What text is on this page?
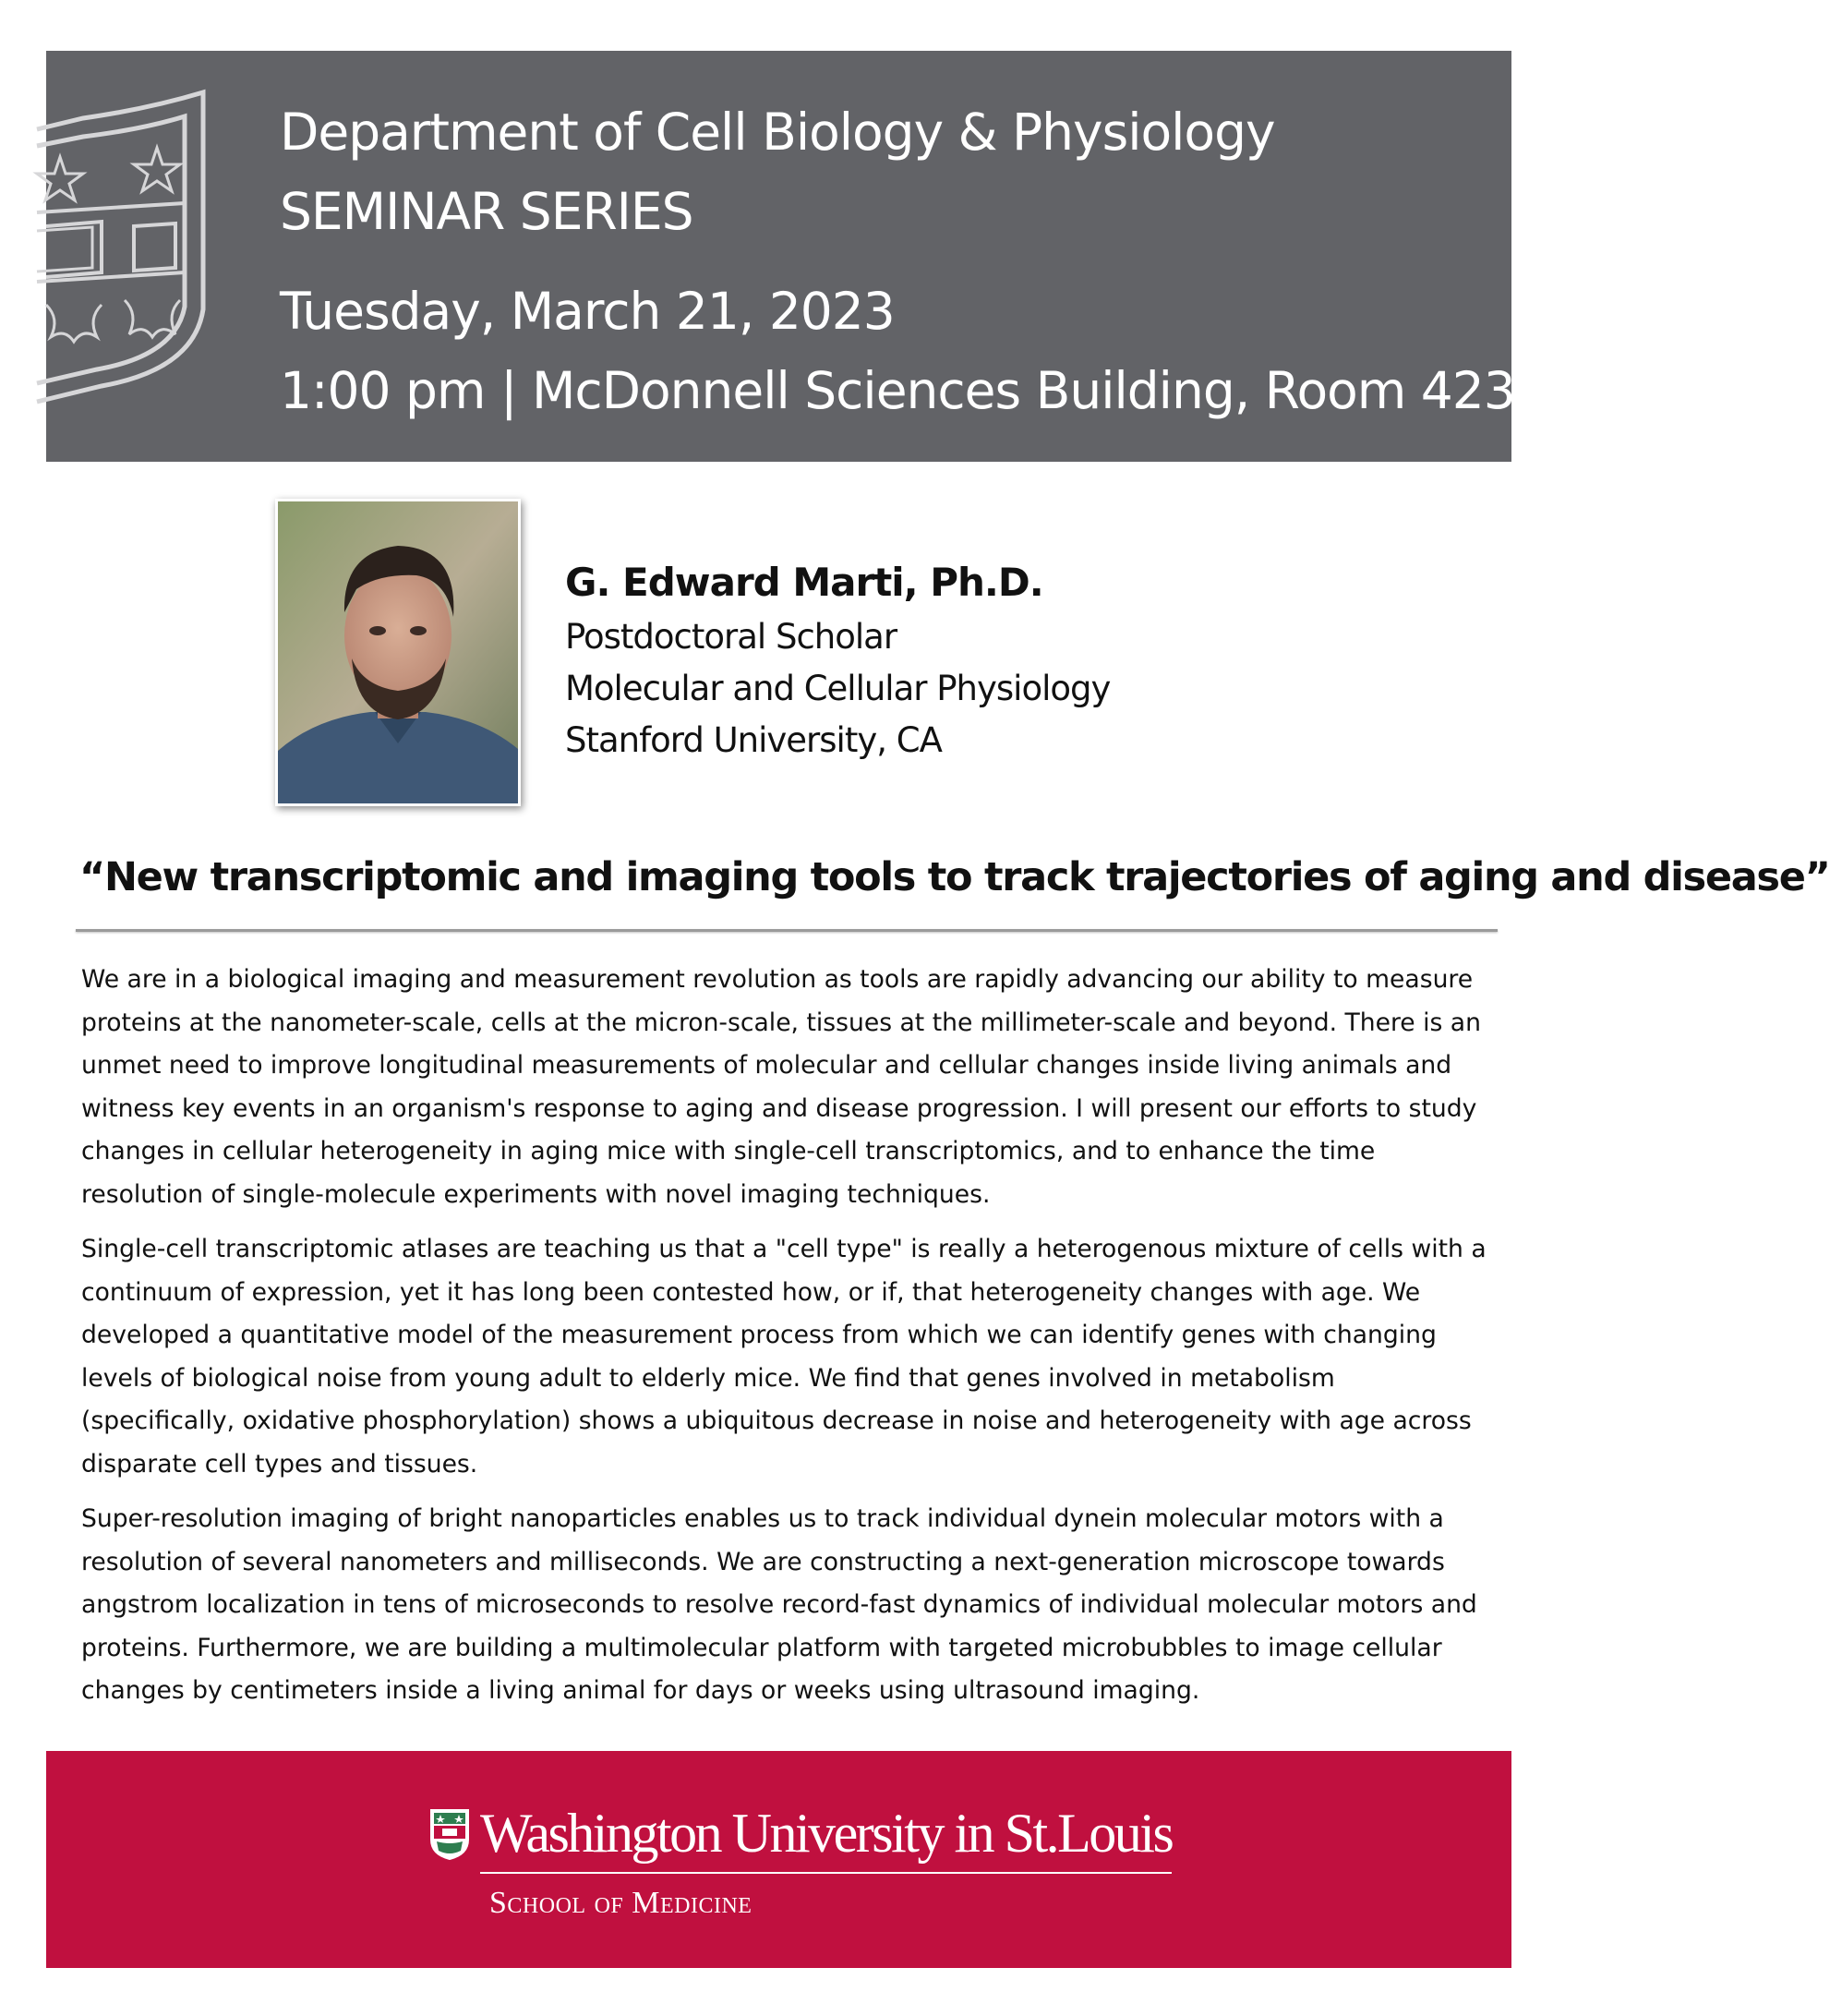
Department of Cell Biology & Physiology
SEMINAR SERIES
Tuesday, March 21, 2023
1:00 pm | McDonnell Sciences Building, Room 423
G. Edward Marti, Ph.D.
Postdoctoral Scholar
Molecular and Cellular Physiology
Stanford University, CA
“New transcriptomic and imaging tools to track trajectories of aging and disease”

We are in a biological imaging and measurement revolution as tools are rapidly advancing our ability to measure proteins at the nanometer-scale, cells at the micron-scale, tissues at the millimeter-scale and beyond. There is an unmet need to improve longitudinal measurements of molecular and cellular changes inside living animals and witness key events in an organism's response to aging and disease progression. I will present our efforts to study changes in cellular heterogeneity in aging mice with single-cell transcriptomics, and to enhance the time resolution of single-molecule experiments with novel imaging techniques.

Single-cell transcriptomic atlases are teaching us that a "cell type" is really a heterogenous mixture of cells with a continuum of expression, yet it has long been contested how, or if, that heterogeneity changes with age. We developed a quantitative model of the measurement process from which we can identify genes with changing levels of biological noise from young adult to elderly mice. We find that genes involved in metabolism (specifically, oxidative phosphorylation) shows a ubiquitous decrease in noise and heterogeneity with age across disparate cell types and tissues.

Super-resolution imaging of bright nanoparticles enables us to track individual dynein molecular motors with a resolution of several nanometers and milliseconds. We are constructing a next-generation microscope towards angstrom localization in tens of microseconds to resolve record-fast dynamics of individual molecular motors and proteins. Furthermore, we are building a multimolecular platform with targeted microbubbles to image cellular changes by centimeters inside a living animal for days or weeks using ultrasound imaging.

Washington University in St.Louis
School of Medicine
